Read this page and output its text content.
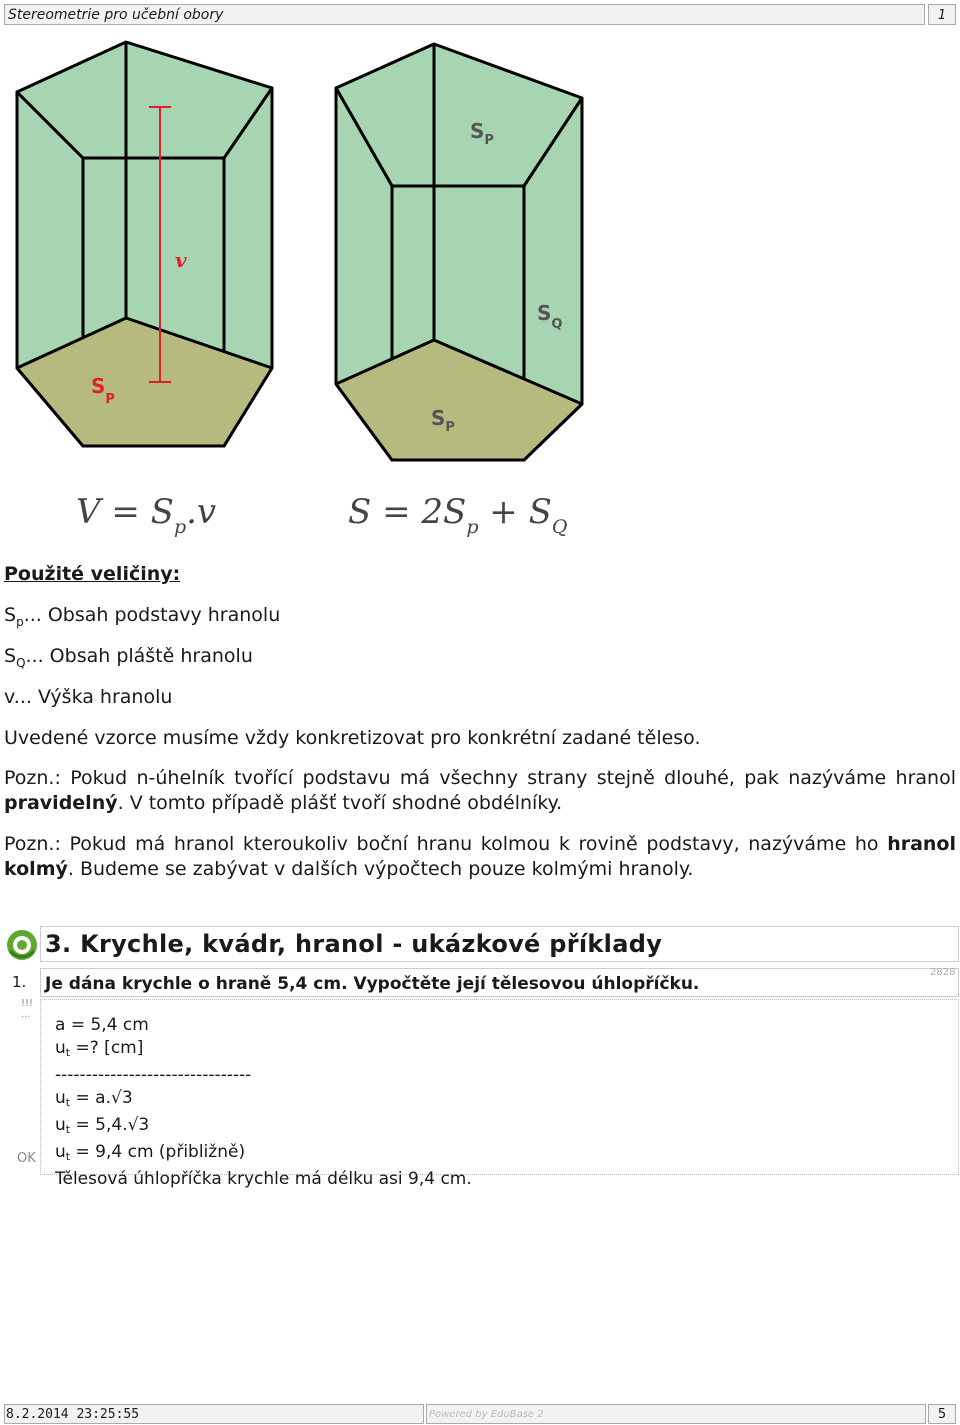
Stereometrie pro učební obory	1
v
$S_P$
$S_P$
$S_Q$
$S_P$
$V = S_p.v$	$S = 2S_p + S_Q$
Použité veličiny:
$S_p$... Obsah podstavy hranolu
$S_Q$... Obsah pláště hranolu
v... Výška hranolu
Uvedené vzorce musíme vždy konkretizovat pro konkrétní zadané těleso.
Pozn.: Pokud n-úhelník tvořící podstavu má všechny strany stejně dlouhé, pak nazýváme hranol pravidelný. V tomto případě plášť tvoří shodné obdélníky.
Pozn.: Pokud má hranol kteroukoliv boční hranu kolmou k rovině podstavy, nazýváme ho hranol kolmý. Budeme se zabývat v dalších výpočtech pouze kolmými hranoly.
3. Krychle, kvádr, hranol - ukázkové příklady
1. Je dána krychle o hraně 5,4 cm. Vypočtěte její tělesovou úhlopříčku.
2828
!!!
...
OK
a = 5,4 cm
$u_t$ =? [cm]
--------------------------------
$u_t = a.√3$
$u_t = 5,4.√3$
$u_t = 9,4$ cm (přibližně)
Tělesová úhlopříčka krychle má délku asi 9,4 cm.
8.2.2014 23:25:55	Powered by EduBase 2	5
